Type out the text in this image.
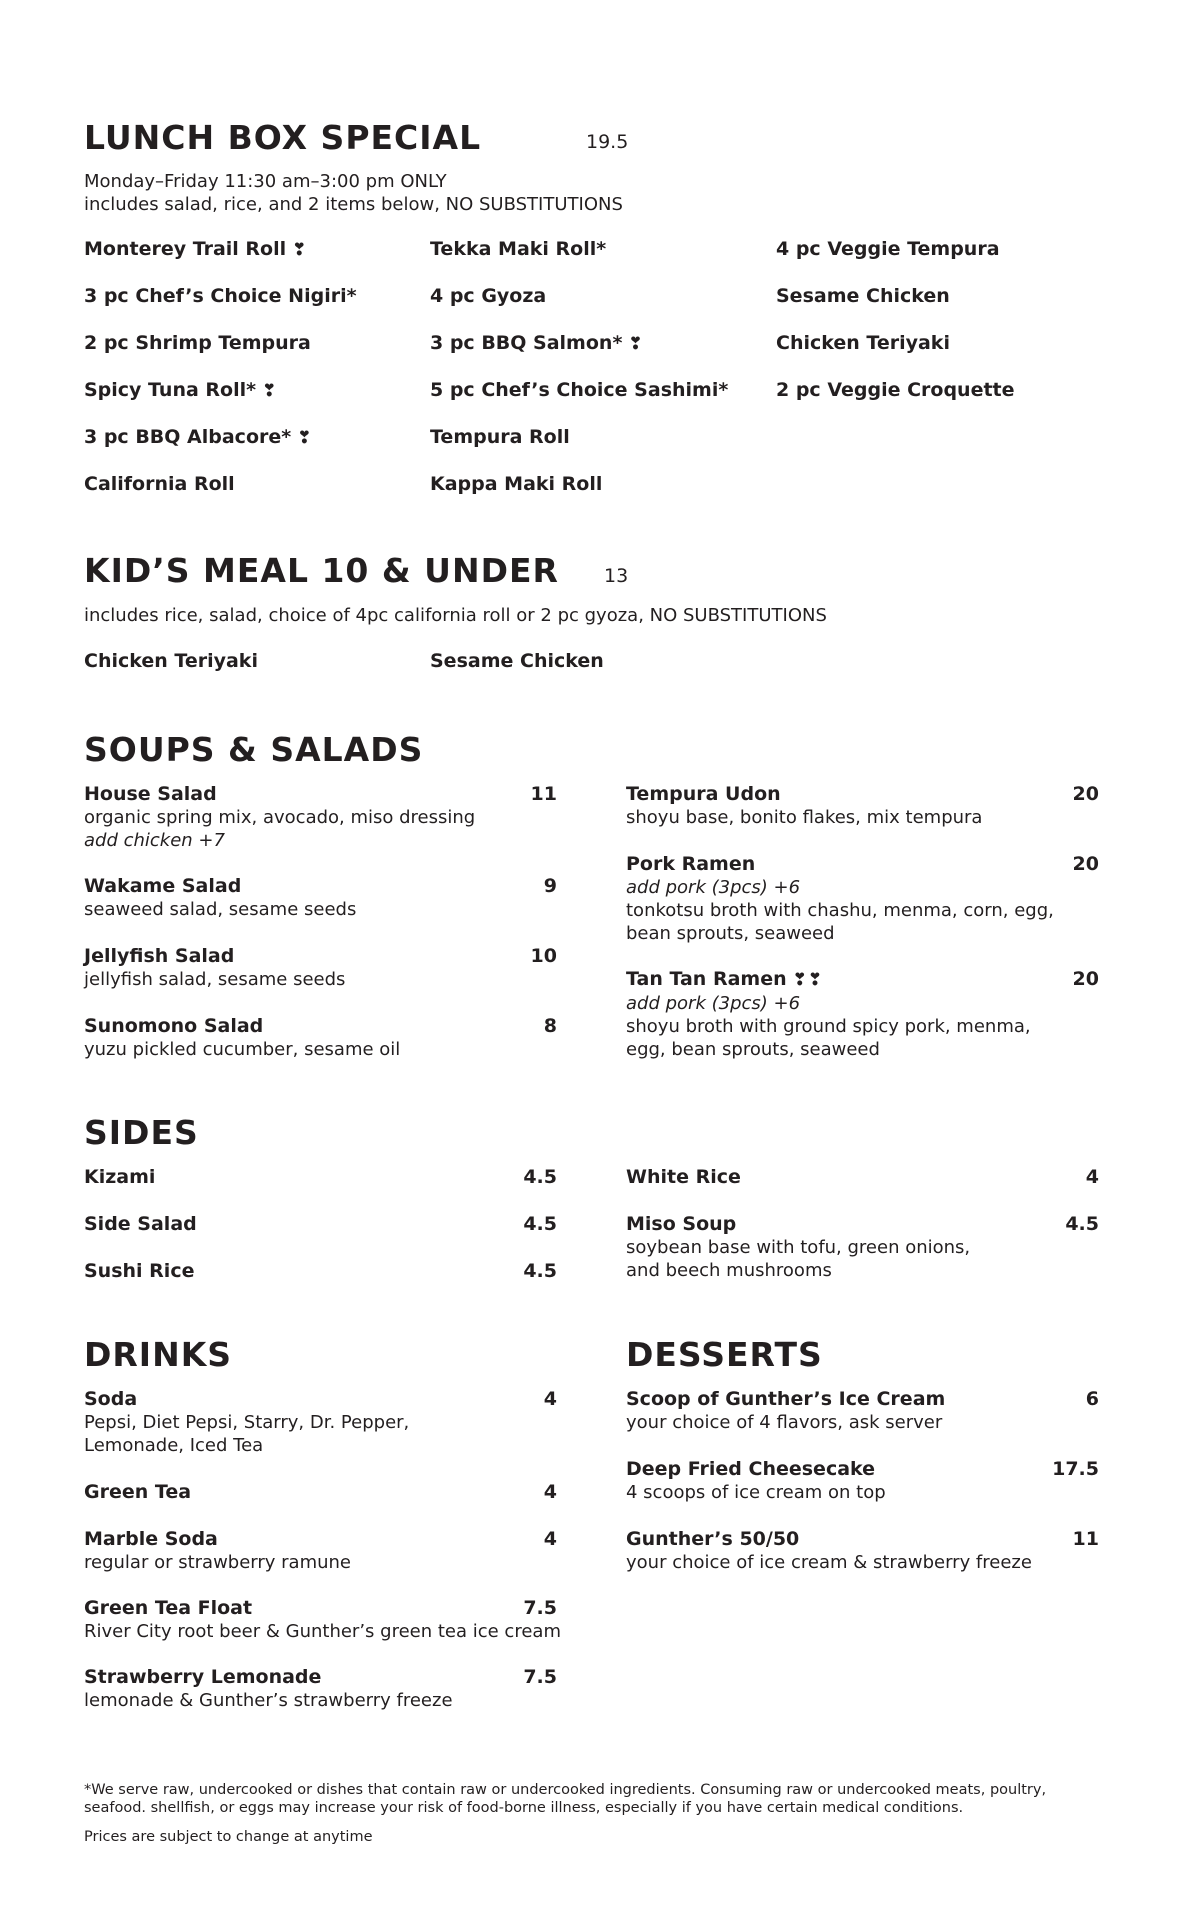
LUNCH BOX SPECIAL	19.5
Monday–Friday 11:30 am–3:00 pm ONLY
includes salad, rice, and 2 items below, NO SUBSTITUTIONS
Monterey Trail Roll ❣
3 pc Chef’s Choice Nigiri*
2 pc Shrimp Tempura
Spicy Tuna Roll* ❣
3 pc BBQ Albacore* ❣
California Roll
Tekka Maki Roll*
4 pc Gyoza
3 pc BBQ Salmon* ❣
5 pc Chef’s Choice Sashimi*
Tempura Roll
Kappa Maki Roll
4 pc Veggie Tempura
Sesame Chicken
Chicken Teriyaki
2 pc Veggie Croquette
KID’S MEAL 10 & UNDER 13
includes rice, salad, choice of 4pc california roll or 2 pc gyoza, NO SUBSTITUTIONS
Chicken Teriyaki	Sesame Chicken
SOUPS & SALADS
House Salad	11
organic spring mix, avocado, miso dressing
add chicken +7
Wakame Salad	9
seaweed salad, sesame seeds
Jellyfish Salad	10
jellyfish salad, sesame seeds
Sunomono Salad	8
yuzu pickled cucumber, sesame oil
Tempura Udon	20
shoyu base, bonito flakes, mix tempura
Pork Ramen	20
add pork (3pcs) +6
tonkotsu broth with chashu, menma, corn, egg,
bean sprouts, seaweed
Tan Tan Ramen ❣❣	20
add pork (3pcs) +6
shoyu broth with ground spicy pork, menma,
egg, bean sprouts, seaweed
SIDES
Kizami	4.5
Side Salad	4.5
Sushi Rice	4.5
White Rice	4
Miso Soup	4.5
soybean base with tofu, green onions,
and beech mushrooms
DRINKS
Soda	4
Pepsi, Diet Pepsi, Starry, Dr. Pepper,
Lemonade, Iced Tea
Green Tea	4
Marble Soda	4
regular or strawberry ramune
Green Tea Float	7.5
River City root beer & Gunther’s green tea ice cream
Strawberry Lemonade	7.5
lemonade & Gunther’s strawberry freeze
DESSERTS
Scoop of Gunther’s Ice Cream	6
your choice of 4 flavors, ask server
Deep Fried Cheesecake	17.5
4 scoops of ice cream on top
Gunther’s 50/50	11
your choice of ice cream & strawberry freeze
*We serve raw, undercooked or dishes that contain raw or undercooked ingredients. Consuming raw or undercooked meats, poultry,
seafood. shellfish, or eggs may increase your risk of food-borne illness, especially if you have certain medical conditions.
Prices are subject to change at anytime
